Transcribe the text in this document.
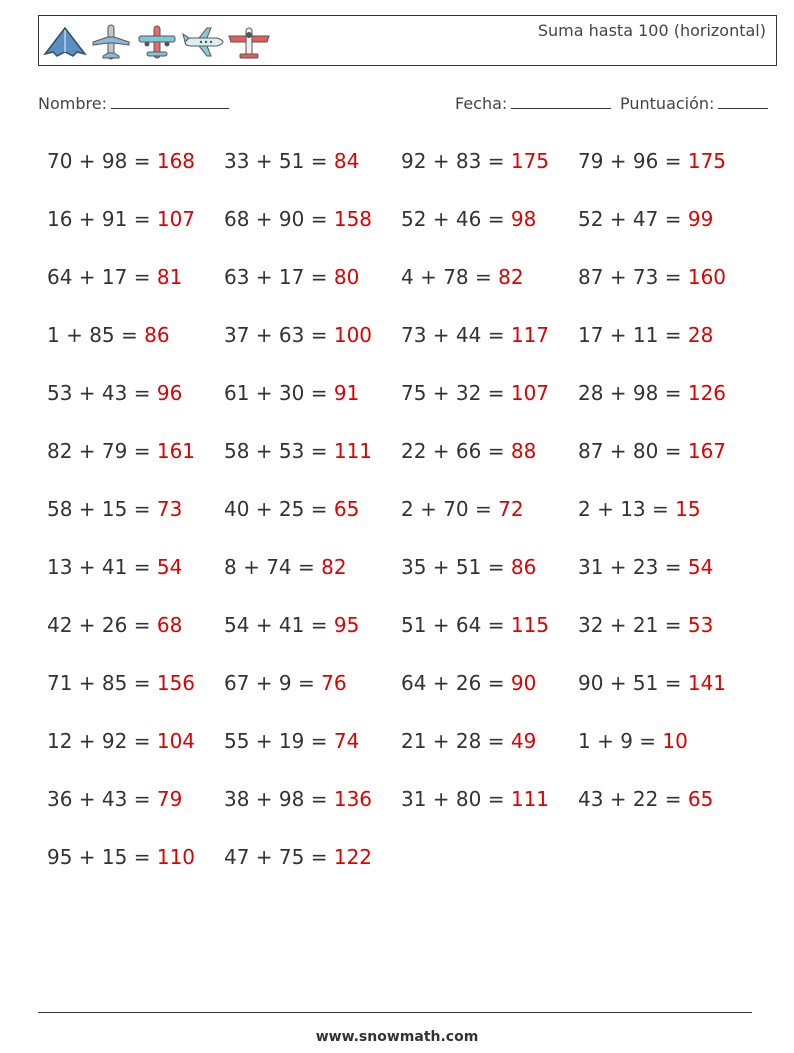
Suma hasta 100 (horizontal)
Nombre:	Fecha:	Puntuación:
70 + 98 = 168 33 + 51 = 84 92 + 83 = 175 79 + 96 = 175
16 + 91 = 107 68 + 90 = 158 52 + 46 = 98 52 + 47 = 99
64 + 17 = 81 63 + 17 = 80 4 + 78 = 82	87 + 73 = 160
1 + 85 = 86	37 + 63 = 100 73 + 44 = 117 17 + 11 = 28
53 + 43 = 96 61 + 30 = 91 75 + 32 = 107 28 + 98 = 126
82 + 79 = 161 58 + 53 = 111 22 + 66 = 88 87 + 80 = 167
58 + 15 = 73 40 + 25 = 65 2 + 70 = 72	2 + 13 = 15
13 + 41 = 54 8 + 74 = 82	35 + 51 = 86 31 + 23 = 54
42 + 26 = 68 54 + 41 = 95 51 + 64 = 115 32 + 21 = 53
71 + 85 = 156 67 + 9 = 76	64 + 26 = 90 90 + 51 = 141
12 + 92 = 104 55 + 19 = 74 21 + 28 = 49 1 + 9 = 10
36 + 43 = 79 38 + 98 = 136 31 + 80 = 111 43 + 22 = 65
95 + 15 = 110 47 + 75 = 122
www.snowmath.com
